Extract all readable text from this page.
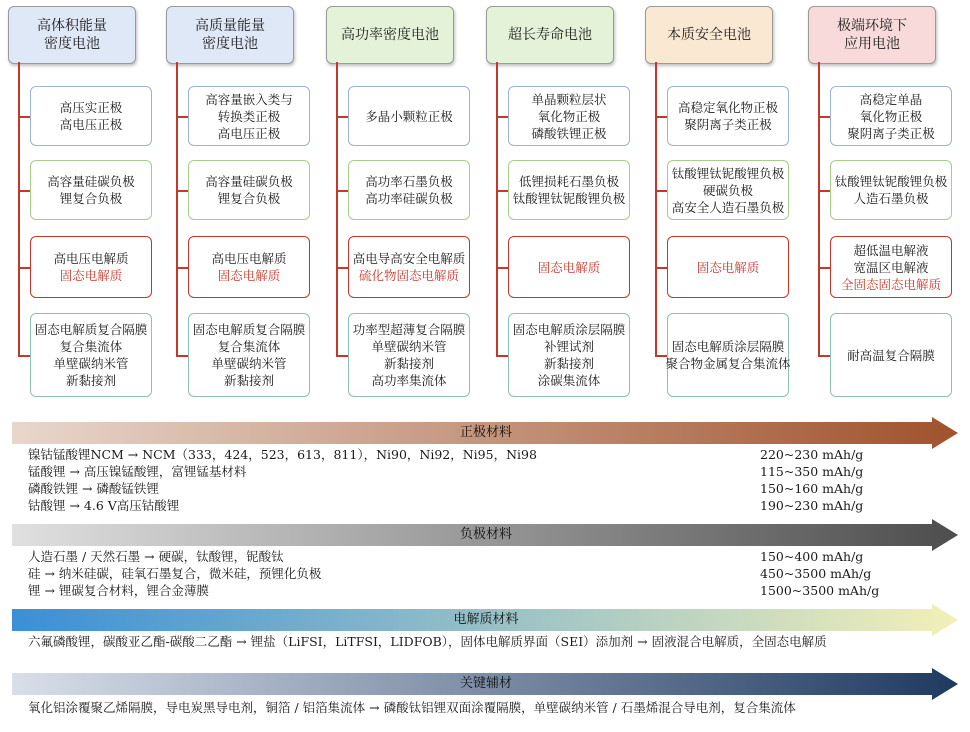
高体积能量
密度电池
高压实正极
高电压正极
高容量硅碳负极
锂复合负极
高电压电解质
固态电解质
固态电解质复合隔膜
复合集流体
单壁碳纳米管
新黏接剂
高质量能量
密度电池
高容量嵌入类与
转换类正极
高电压正极
高容量硅碳负极
锂复合负极
高电压电解质
固态电解质
固态电解质复合隔膜
复合集流体
单壁碳纳米管
新黏接剂
高功率密度电池
多晶小颗粒正极
高功率石墨负极
高功率硅碳负极
高电导高安全电解质
硫化物固态电解质
功率型超薄复合隔膜
单壁碳纳米管
新黏接剂
高功率集流体
超长寿命电池
单晶颗粒层状
氧化物正极
磷酸铁锂正极
低锂损耗石墨负极
钛酸锂钛铌酸锂负极
固态电解质
固态电解质涂层隔膜
补锂试剂
新黏接剂
涂碳集流体
本质安全电池
高稳定氧化物正极
聚阴离子类正极
钛酸锂钛铌酸锂负极
硬碳负极
高安全人造石墨负极
固态电解质
固态电解质涂层隔膜
聚合物金属复合集流体
极端环境下
应用电池
高稳定单晶
氧化物正极
聚阴离子类正极
钛酸锂钛铌酸锂负极
人造石墨负极
超低温电解液
宽温区电解液
全固态固态电解质
耐高温复合隔膜
正极材料
镍钴锰酸锂NCM → NCM（333，424，523，613，811），Ni90，Ni92，Ni95，Ni98	220~230 mAh/g
锰酸锂 → 高压镍锰酸锂，富锂锰基材料	115~350 mAh/g
磷酸铁锂 → 磷酸锰铁锂	150~160 mAh/g
钴酸锂 → 4.6 V高压钴酸锂	190~230 mAh/g
负极材料
人造石墨 / 天然石墨 → 硬碳，钛酸锂，铌酸钛	150~400 mAh/g
硅 → 纳米硅碳，硅氧石墨复合，微米硅，预锂化负极	450~3500 mAh/g
锂 → 锂碳复合材料，锂合金薄膜	1500~3500 mAh/g
电解质材料
六氟磷酸锂，碳酸亚乙酯-碳酸二乙酯 → 锂盐（LiFSI，LiTFSI，LIDFOB），固体电解质界面（SEI）添加剂 → 固液混合电解质，全固态电解质
关键辅材
氧化铝涂覆聚乙烯隔膜，导电炭黑导电剂，铜箔 / 铝箔集流体 → 磷酸钛铝锂双面涂覆隔膜，单壁碳纳米管 / 石墨烯混合导电剂，复合集流体
